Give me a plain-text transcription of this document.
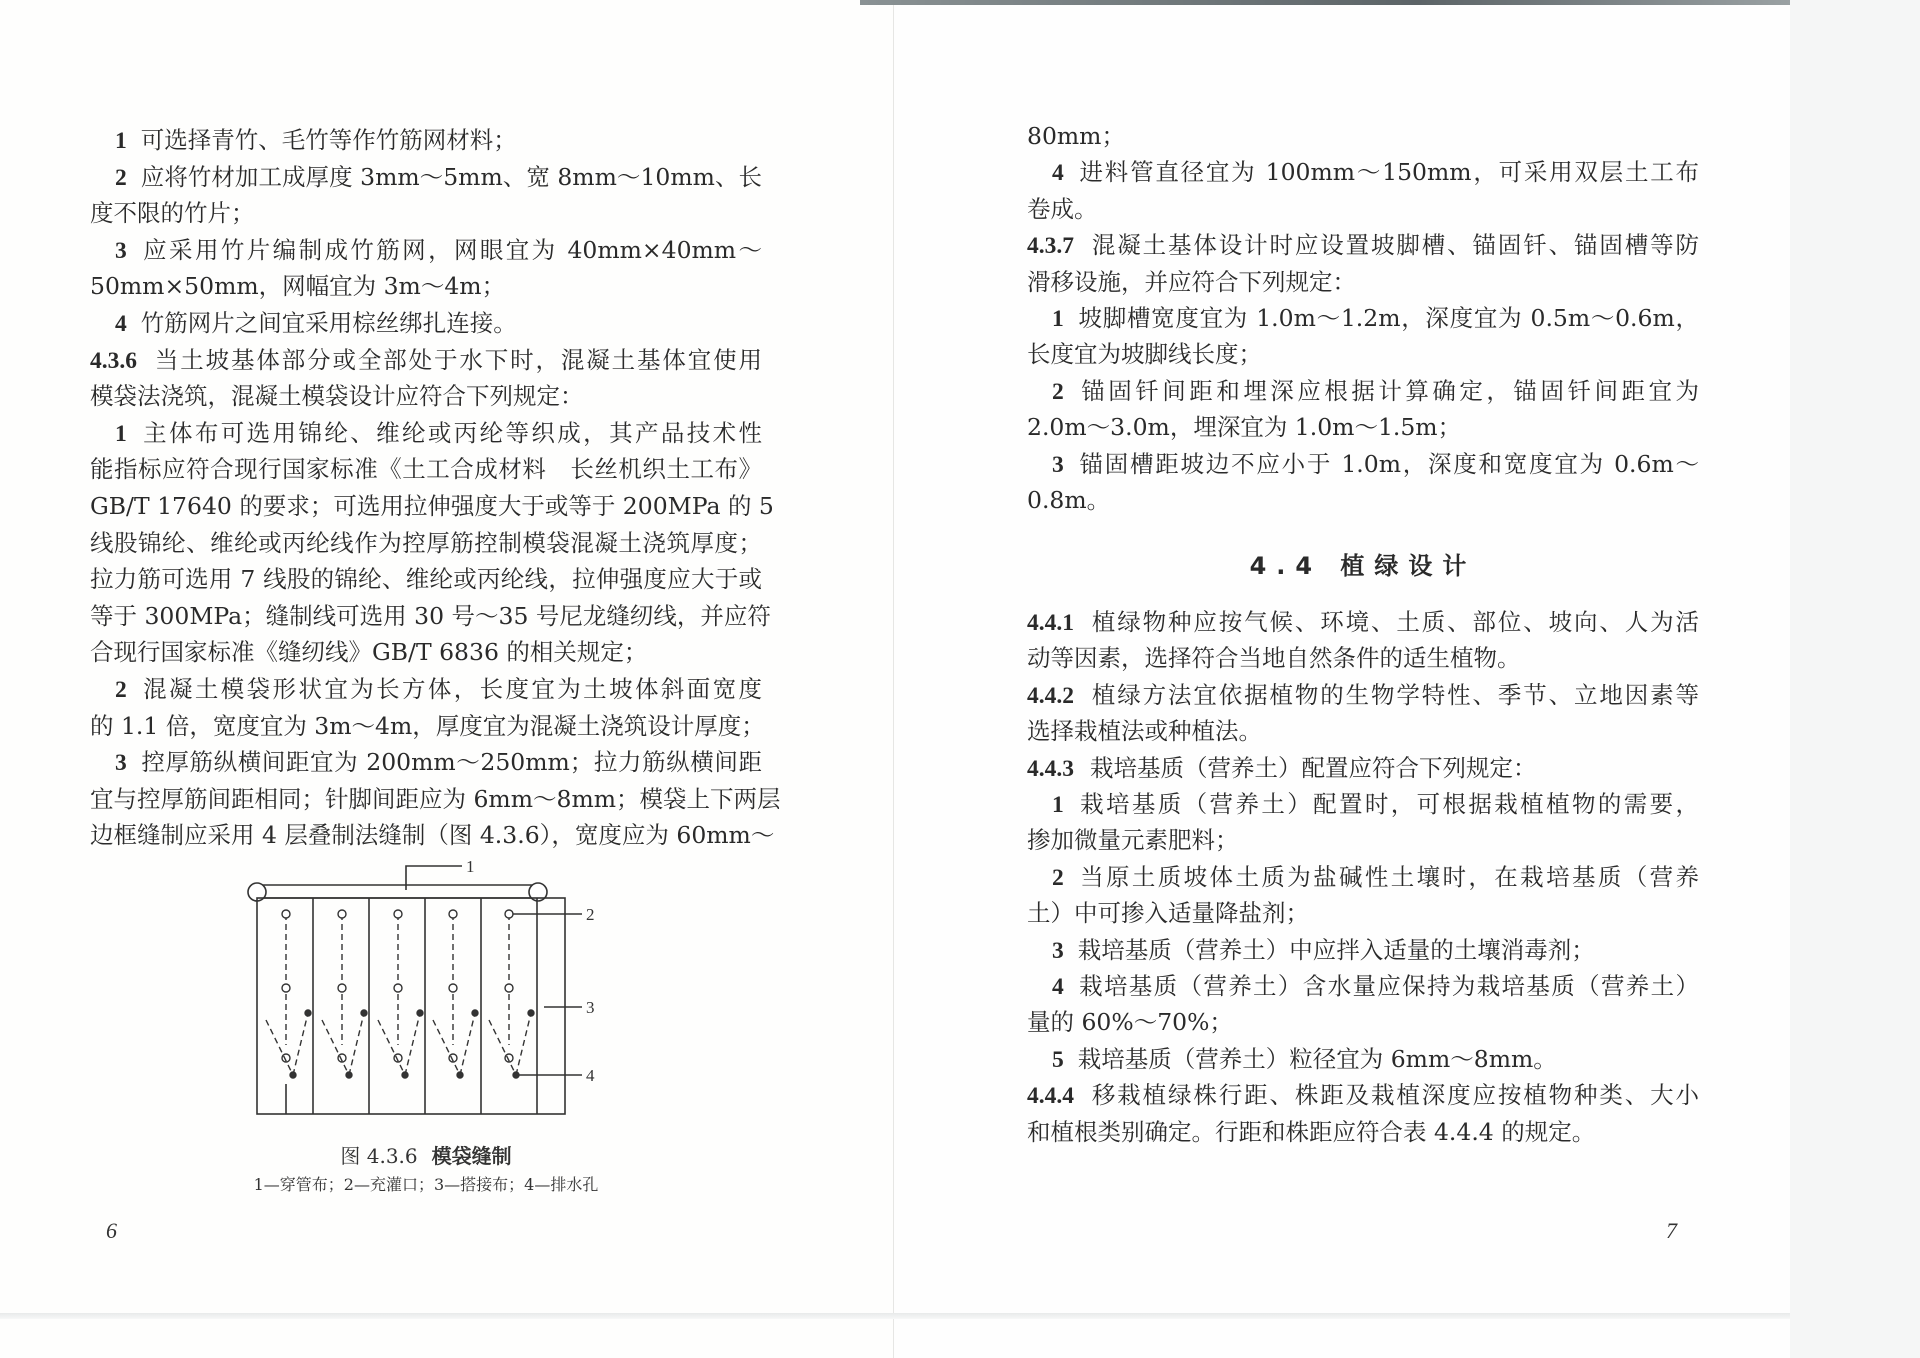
1 可选择青竹、毛竹等作竹筋网材料；
2 应将竹材加工成厚度 3mm～5mm、宽 8mm～10mm、长
度不限的竹片；
3 应采用竹片编制成竹筋网，网眼宜为 40mm×40mm～
50mm×50mm，网幅宜为 3m～4m；
4 竹筋网片之间宜采用棕丝绑扎连接。
4.3.6 当土坡基体部分或全部处于水下时，混凝土基体宜使用
模袋法浇筑，混凝土模袋设计应符合下列规定：
1 主体布可选用锦纶、维纶或丙纶等织成，其产品技术性
能指标应符合现行国家标准《土工合成材料　长丝机织土工布》
GB/T 17640 的要求；可选用拉伸强度大于或等于 200MPa 的 5
线股锦纶、维纶或丙纶线作为控厚筋控制模袋混凝土浇筑厚度；
拉力筋可选用 7 线股的锦纶、维纶或丙纶线，拉伸强度应大于或
等于 300MPa；缝制线可选用 30 号～35 号尼龙缝纫线，并应符
合现行国家标准《缝纫线》GB/T 6836 的相关规定；
2 混凝土模袋形状宜为长方体，长度宜为土坡体斜面宽度
的 1.1 倍，宽度宜为 3m～4m，厚度宜为混凝土浇筑设计厚度；
3 控厚筋纵横间距宜为 200mm～250mm；拉力筋纵横间距
宜与控厚筋间距相同；针脚间距应为 6mm～8mm；模袋上下两层
边框缝制应采用 4 层叠制法缝制（图 4.3.6），宽度应为 60mm～
1
2
3
4
图 4.3.6 模袋缝制
1—穿管布；2—充灌口；3—搭接布；4—排水孔
6
80mm；
4 进料管直径宜为 100mm～150mm，可采用双层土工布
卷成。
4.3.7 混凝土基体设计时应设置坡脚槽、锚固钎、锚固槽等防
滑移设施，并应符合下列规定：
1 坡脚槽宽度宜为 1.0m～1.2m，深度宜为 0.5m～0.6m，
长度宜为坡脚线长度；
2 锚固钎间距和埋深应根据计算确定，锚固钎间距宜为
2.0m～3.0m，埋深宜为 1.0m～1.5m；
3 锚固槽距坡边不应小于 1.0m，深度和宽度宜为 0.6m～
0.8m。
4.4 植绿设计
4.4.1 植绿物种应按气候、环境、土质、部位、坡向、人为活
动等因素，选择符合当地自然条件的适生植物。
4.4.2 植绿方法宜依据植物的生物学特性、季节、立地因素等
选择栽植法或种植法。
4.4.3 栽培基质（营养土）配置应符合下列规定：
1 栽培基质（营养土）配置时，可根据栽植植物的需要，
掺加微量元素肥料；
2 当原土质坡体土质为盐碱性土壤时，在栽培基质（营养
土）中可掺入适量降盐剂；
3 栽培基质（营养土）中应拌入适量的土壤消毒剂；
4 栽培基质（营养土）含水量应保持为栽培基质（营养土）
量的 60%～70%；
5 栽培基质（营养土）粒径宜为 6mm～8mm。
4.4.4 移栽植绿株行距、株距及栽植深度应按植物种类、大小
和植根类别确定。行距和株距应符合表 4.4.4 的规定。
7
